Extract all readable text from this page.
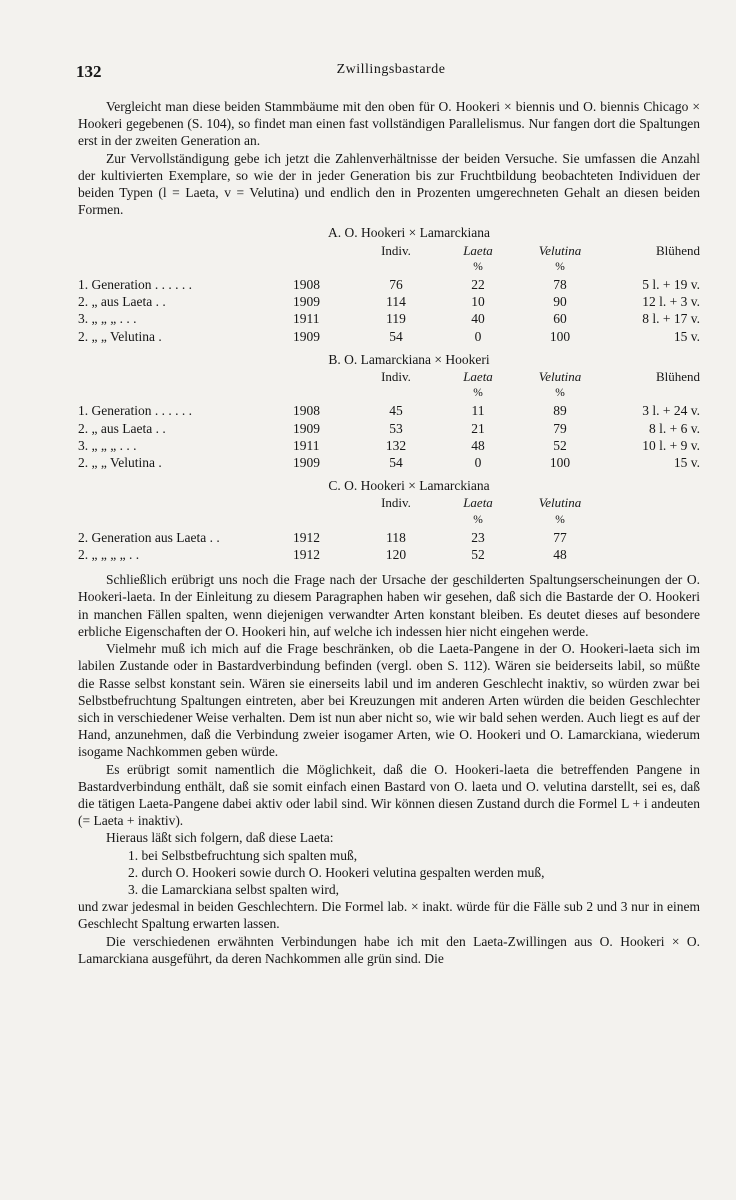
132	Zwillingsbastarde

Vergleicht man diese beiden Stammbäume mit den oben für O. Hookeri × biennis und O. biennis Chicago × Hookeri gegebenen (S. 104), so findet man einen fast vollständigen Parallelismus. Nur fangen dort die Spaltungen erst in der zweiten Generation an.

Zur Vervollständigung gebe ich jetzt die Zahlenverhältnisse der beiden Versuche. Sie umfassen die Anzahl der kultivierten Exemplare, so wie der in jeder Generation bis zur Fruchtbildung beobachteten Individuen der beiden Typen (l = Laeta, v = Velutina) und endlich den in Prozenten umgerechneten Gehalt an diesen beiden Formen.

A. O. Hookeri × Lamarckiana
		Indiv.	Laeta	Velutina	Blühend
			%	%	
1. Generation . . . . . .	1908	76	22	78	5 l. + 19 v.
2. „ aus Laeta . .	1909	114	10	90	12 l. + 3 v.
3. „ „ „ . . .	1911	119	40	60	8 l. + 17 v.
2. „ „ Velutina .	1909	54	0	100	15 v.
B. O. Lamarckiana × Hookeri
		Indiv.	Laeta	Velutina	Blühend
			%	%	
1. Generation . . . . . .	1908	45	11	89	3 l. + 24 v.
2. „ aus Laeta . .	1909	53	21	79	8 l. + 6 v.
3. „ „ „ . . .	1911	132	48	52	10 l. + 9 v.
2. „ „ Velutina .	1909	54	0	100	15 v.
C. O. Hookeri × Lamarckiana
		Indiv.	Laeta	Velutina	
			%	%	
2. Generation aus Laeta . .	1912	118	23	77	
2. „ „ „ „ . .	1912	120	52	48	

Schließlich erübrigt uns noch die Frage nach der Ursache der geschilderten Spaltungserscheinungen der O. Hookeri-laeta. In der Einleitung zu diesem Paragraphen haben wir gesehen, daß sich die Bastarde der O. Hookeri in manchen Fällen spalten, wenn diejenigen verwandter Arten konstant bleiben. Es deutet dieses auf besondere erbliche Eigenschaften der O. Hookeri hin, auf welche ich indessen hier nicht eingehen werde.

Vielmehr muß ich mich auf die Frage beschränken, ob die Laeta-Pangene in der O. Hookeri-laeta sich im labilen Zustande oder in Bastardverbindung befinden (vergl. oben S. 112). Wären sie beiderseits labil, so müßte die Rasse selbst konstant sein. Wären sie einerseits labil und im anderen Geschlecht inaktiv, so würden zwar bei Selbstbefruchtung Spaltungen eintreten, aber bei Kreuzungen mit anderen Arten würden die beiden Geschlechter sich in verschiedener Weise verhalten. Dem ist nun aber nicht so, wie wir bald sehen werden. Auch liegt es auf der Hand, anzunehmen, daß die Verbindung zweier isogamer Arten, wie O. Hookeri und O. Lamarckiana, wiederum isogame Nachkommen geben würde.

Es erübrigt somit namentlich die Möglichkeit, daß die O. Hookeri-laeta die betreffenden Pangene in Bastardverbindung enthält, daß sie somit einfach einen Bastard von O. laeta und O. velutina darstellt, sei es, daß die tätigen Laeta-Pangene dabei aktiv oder labil sind. Wir können diesen Zustand durch die Formel L + i andeuten (= Laeta + inaktiv).

Hieraus läßt sich folgern, daß diese Laeta:

1. bei Selbstbefruchtung sich spalten muß,
2. durch O. Hookeri sowie durch O. Hookeri velutina gespalten werden muß,
3. die Lamarckiana selbst spalten wird,

und zwar jedesmal in beiden Geschlechtern. Die Formel lab. × inakt. würde für die Fälle sub 2 und 3 nur in einem Geschlecht Spaltung erwarten lassen.

Die verschiedenen erwähnten Verbindungen habe ich mit den Laeta-Zwillingen aus O. Hookeri × O. Lamarckiana ausgeführt, da deren Nachkommen alle grün sind. Die
